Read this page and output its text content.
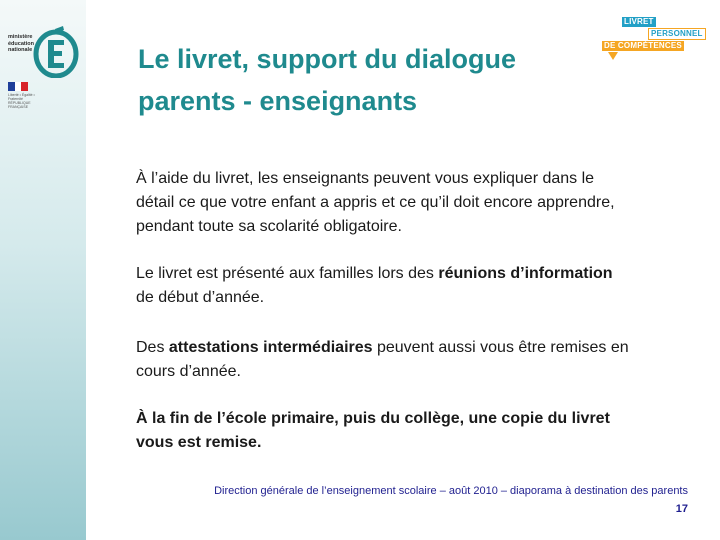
ministère
éducation
nationale
Liberté • Égalité • Fraternité RÉPUBLIQUE FRANÇAISE
Le livret, support du dialogue
parents - enseignants
LIVRET
PERSONNEL
DE COMPÉTENCES

À l’aide du livret, les enseignants peuvent vous expliquer dans le
détail ce que votre enfant a appris et ce qu’il doit encore apprendre,
pendant toute sa scolarité obligatoire.

Le livret est présenté aux familles lors des réunions d’information
de début d’année.

Des attestations intermédiaires peuvent aussi vous être remises en
cours d’année.

À la fin de l’école primaire, puis du collège, une copie du livret
vous est remise.

Direction générale de l’enseignement scolaire – août 2010 – diaporama à destination des parents
17
